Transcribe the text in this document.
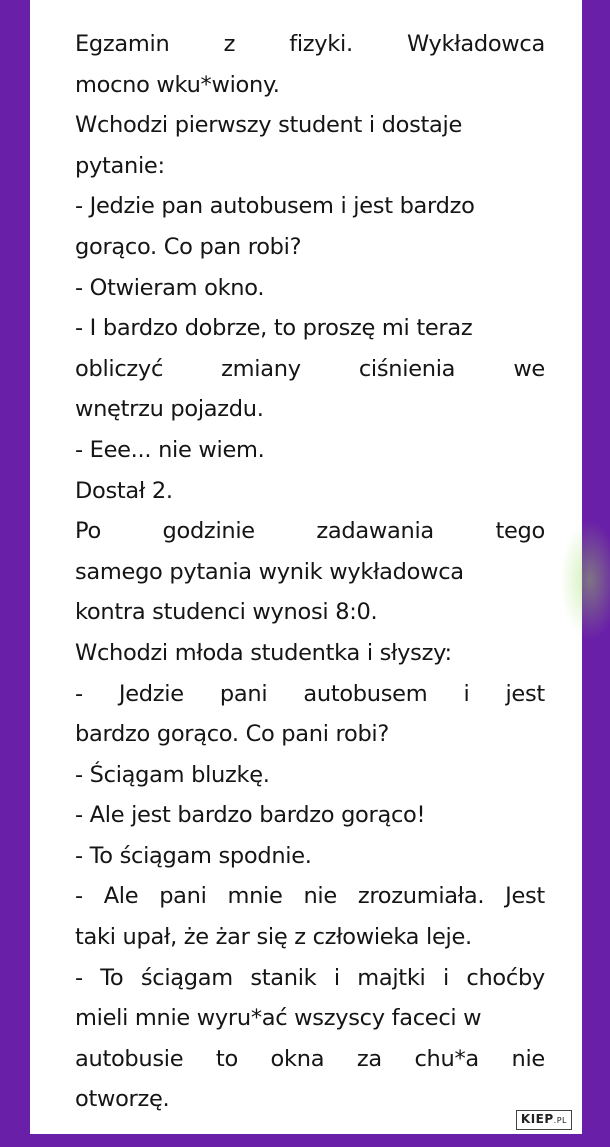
Egzamin z fizyki. Wykładowca
mocno wku*wiony.
Wchodzi pierwszy student i dostaje
pytanie:
- Jedzie pan autobusem i jest bardzo
gorąco. Co pan robi?
- Otwieram okno.
- I bardzo dobrze, to proszę mi teraz
obliczyć	zmiany	ciśnienia	we
wnętrzu pojazdu.
- Eee... nie wiem.
Dostał 2.
Po	godzinie	zadawania	tego
samego pytania wynik wykładowca
kontra studenci wynosi 8:0.
Wchodzi młoda studentka i słyszy:
- Jedzie pani autobusem i jest
bardzo gorąco. Co pani robi?
- Ściągam bluzkę.
- Ale jest bardzo bardzo gorąco!
- To ściągam spodnie.
- Ale pani mnie nie zrozumiała. Jest
taki upał, że żar się z człowieka leje.
- To ściągam stanik i majtki i choćby
mieli mnie wyru*ać wszyscy faceci w
autobusie to okna za chu*a nie
otworzę.
KIEP.PL
